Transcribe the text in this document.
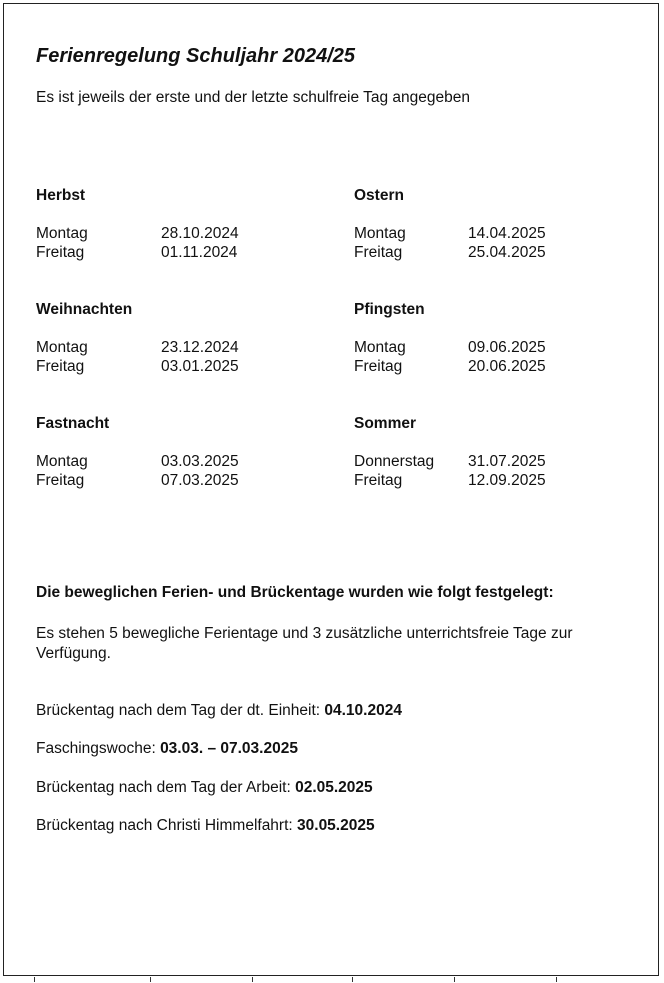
Ferienregelung Schuljahr 2024/25
Es ist jeweils der erste und der letzte schulfreie Tag angegeben
Herbst
Montag	28.10.2024
Freitag	01.11.2024
Ostern
Montag	14.04.2025
Freitag	25.04.2025
Weihnachten
Montag	23.12.2024
Freitag	03.01.2025
Pfingsten
Montag	09.06.2025
Freitag	20.06.2025
Fastnacht
Montag	03.03.2025
Freitag	07.03.2025
Sommer
Donnerstag 31.07.2025
Freitag	12.09.2025
Die beweglichen Ferien- und Brückentage wurden wie folgt festgelegt:
Es stehen 5 bewegliche Ferientage und 3 zusätzliche unterrichtsfreie Tage zur Verfügung.
Brückentag nach dem Tag der dt. Einheit: 04.10.2024
Faschingswoche: 03.03. – 07.03.2025
Brückentag nach dem Tag der Arbeit: 02.05.2025
Brückentag nach Christi Himmelfahrt: 30.05.2025
